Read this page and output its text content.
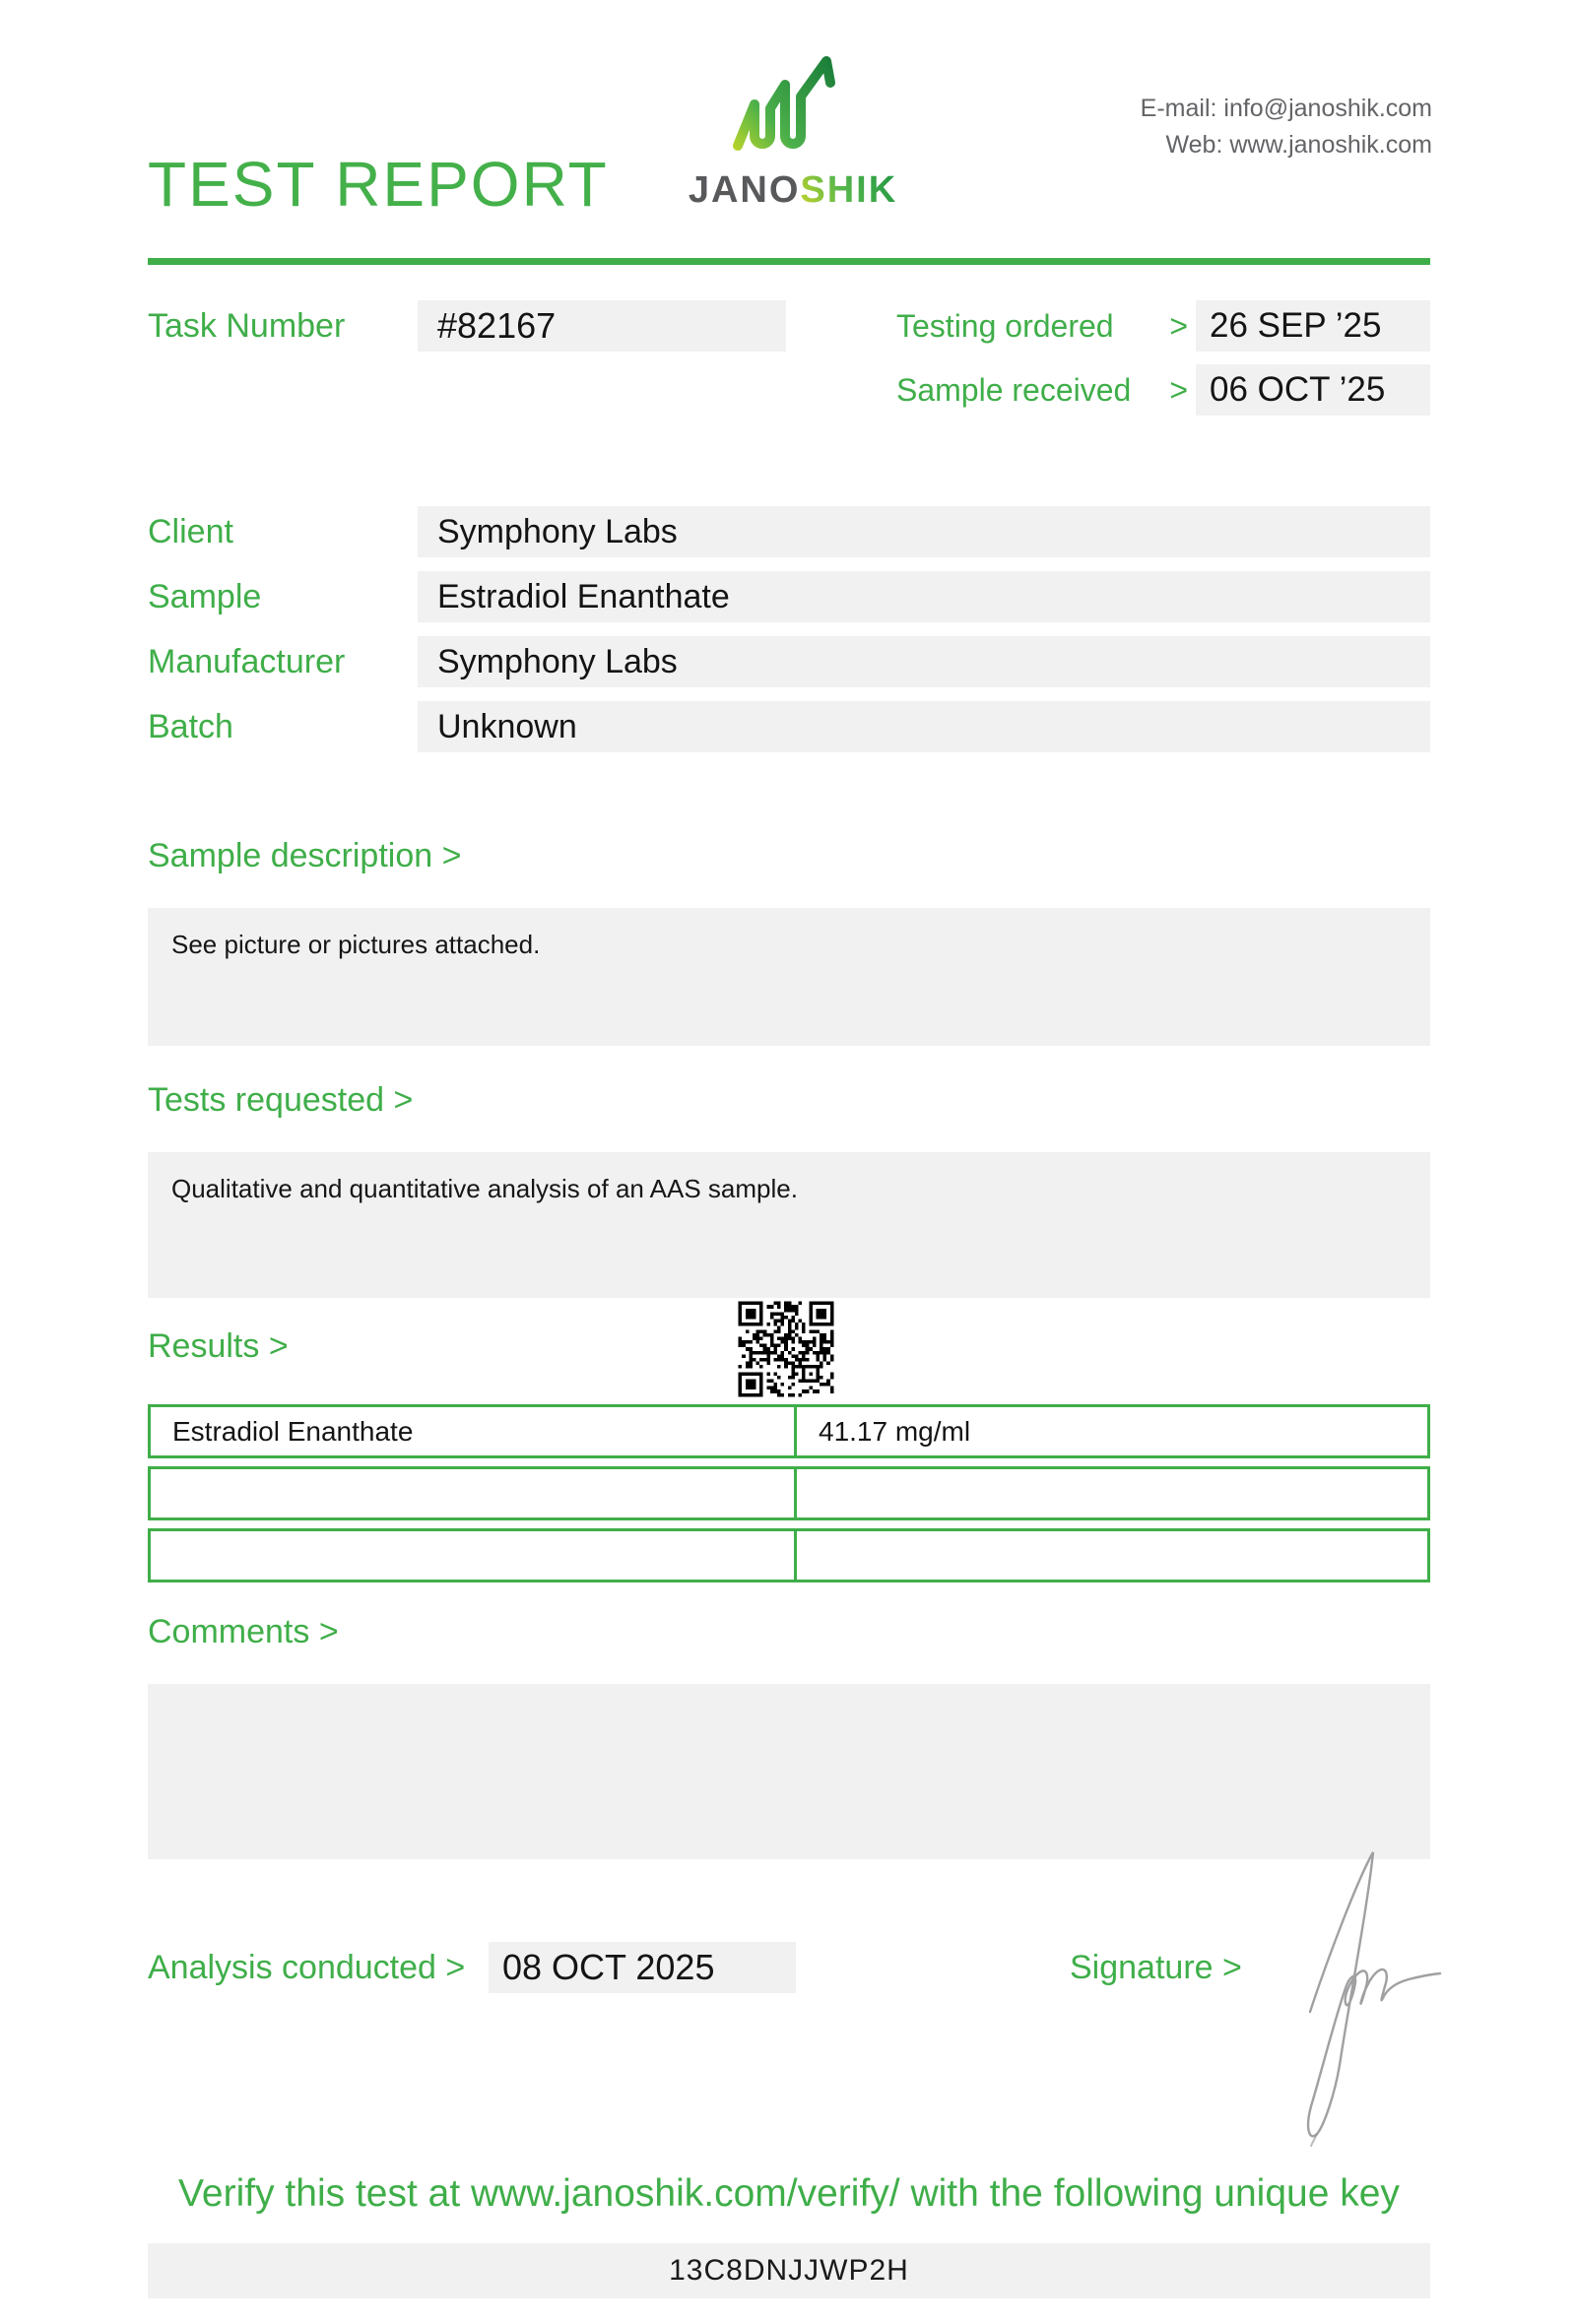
TEST REPORT	JANOSHIK
E-mail: info@janoshik.com
Web: www.janoshik.com
Task Number	#82167	Testing ordered > 26 SEP ’25
Sample received > 06 OCT ’25
Client	Symphony Labs
Sample	Estradiol Enanthate
Manufacturer	Symphony Labs
Batch	Unknown
Sample description >
See picture or pictures attached.
Tests requested >
Qualitative and quantitative analysis of an AAS sample.
Results >
Estradiol Enanthate	41.17 mg/ml
Comments >
Analysis conducted >	08 OCT 2025	Signature >
Verify this test at www.janoshik.com/verify/ with the following unique key
13C8DNJJWP2H
